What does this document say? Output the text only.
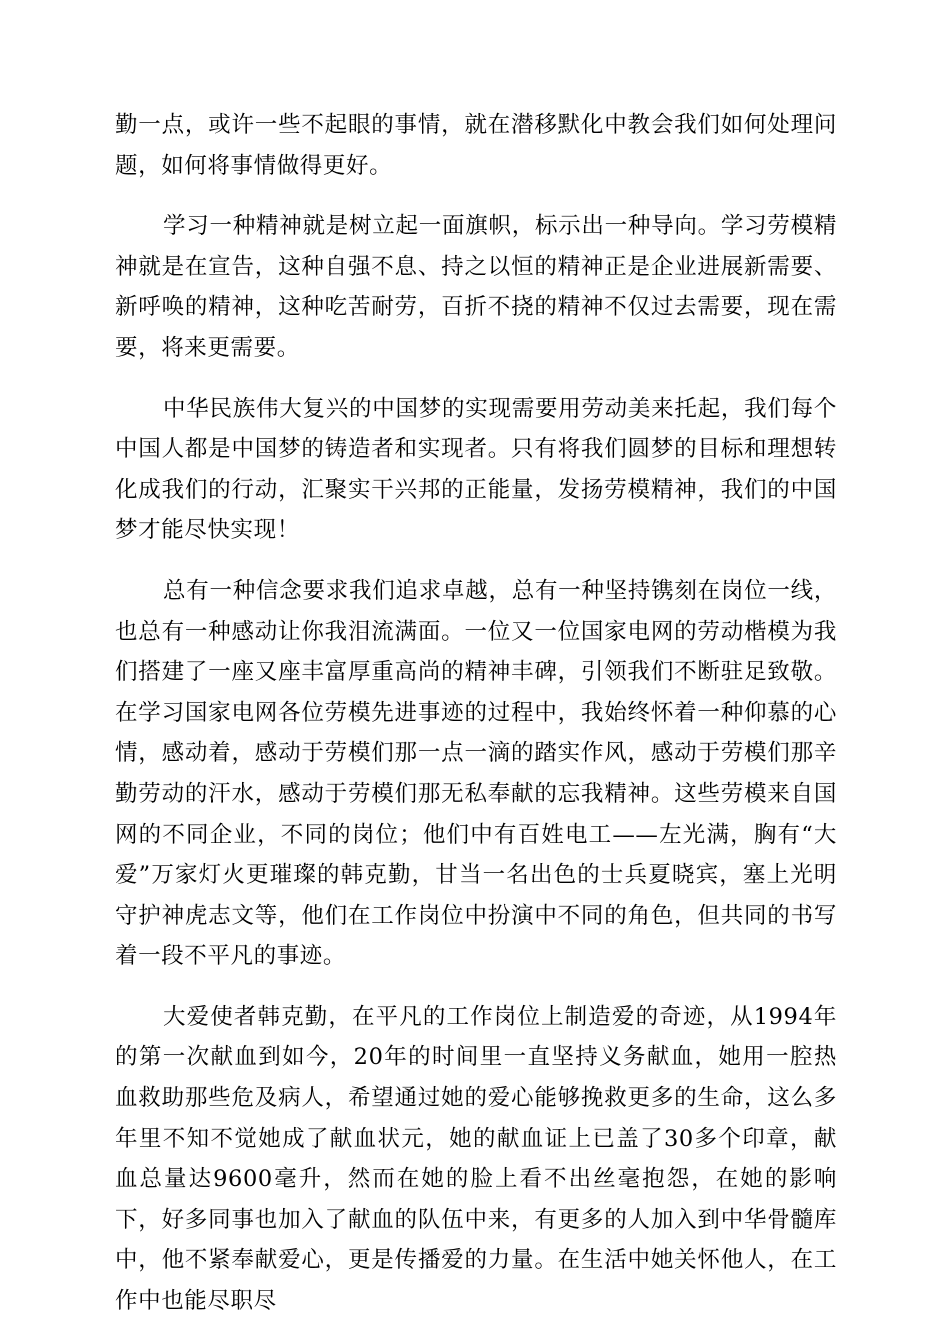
勤一点，或许一些不起眼的事情，就在潜移默化中教会我们如何处理问题，如何将事情做得更好。

学习一种精神就是树立起一面旗帜，标示出一种导向。学习劳模精神就是在宣告，这种自强不息、持之以恒的精神正是企业进展新需要、新呼唤的精神，这种吃苦耐劳，百折不挠的精神不仅过去需要，现在需要，将来更需要。

中华民族伟大复兴的中国梦的实现需要用劳动美来托起，我们每个中国人都是中国梦的铸造者和实现者。只有将我们圆梦的目标和理想转化成我们的行动，汇聚实干兴邦的正能量，发扬劳模精神，我们的中国梦才能尽快实现！

总有一种信念要求我们追求卓越，总有一种坚持镌刻在岗位一线，也总有一种感动让你我泪流满面。一位又一位国家电网的劳动楷模为我们搭建了一座又座丰富厚重高尚的精神丰碑，引领我们不断驻足致敬。在学习国家电网各位劳模先进事迹的过程中，我始终怀着一种仰慕的心情，感动着，感动于劳模们那一点一滴的踏实作风，感动于劳模们那辛勤劳动的汗水，感动于劳模们那无私奉献的忘我精神。这些劳模来自国网的不同企业，不同的岗位；他们中有百姓电工——左光满，胸有“大爱”万家灯火更璀璨的韩克勤，甘当一名出色的士兵夏晓宾，塞上光明守护神虎志文等，他们在工作岗位中扮演中不同的角色，但共同的书写着一段不平凡的事迹。

大爱使者韩克勤，在平凡的工作岗位上制造爱的奇迹，从1994年的第一次献血到如今，20年的时间里一直坚持义务献血，她用一腔热血救助那些危及病人，希望通过她的爱心能够挽救更多的生命，这么多年里不知不觉她成了献血状元，她的献血证上已盖了30多个印章，献血总量达9600毫升，然而在她的脸上看不出丝毫抱怨，在她的影响下，好多同事也加入了献血的队伍中来，有更多的人加入到中华骨髓库中，他不紧奉献爱心，更是传播爱的力量。在生活中她关怀他人，在工作中也能尽职尽
